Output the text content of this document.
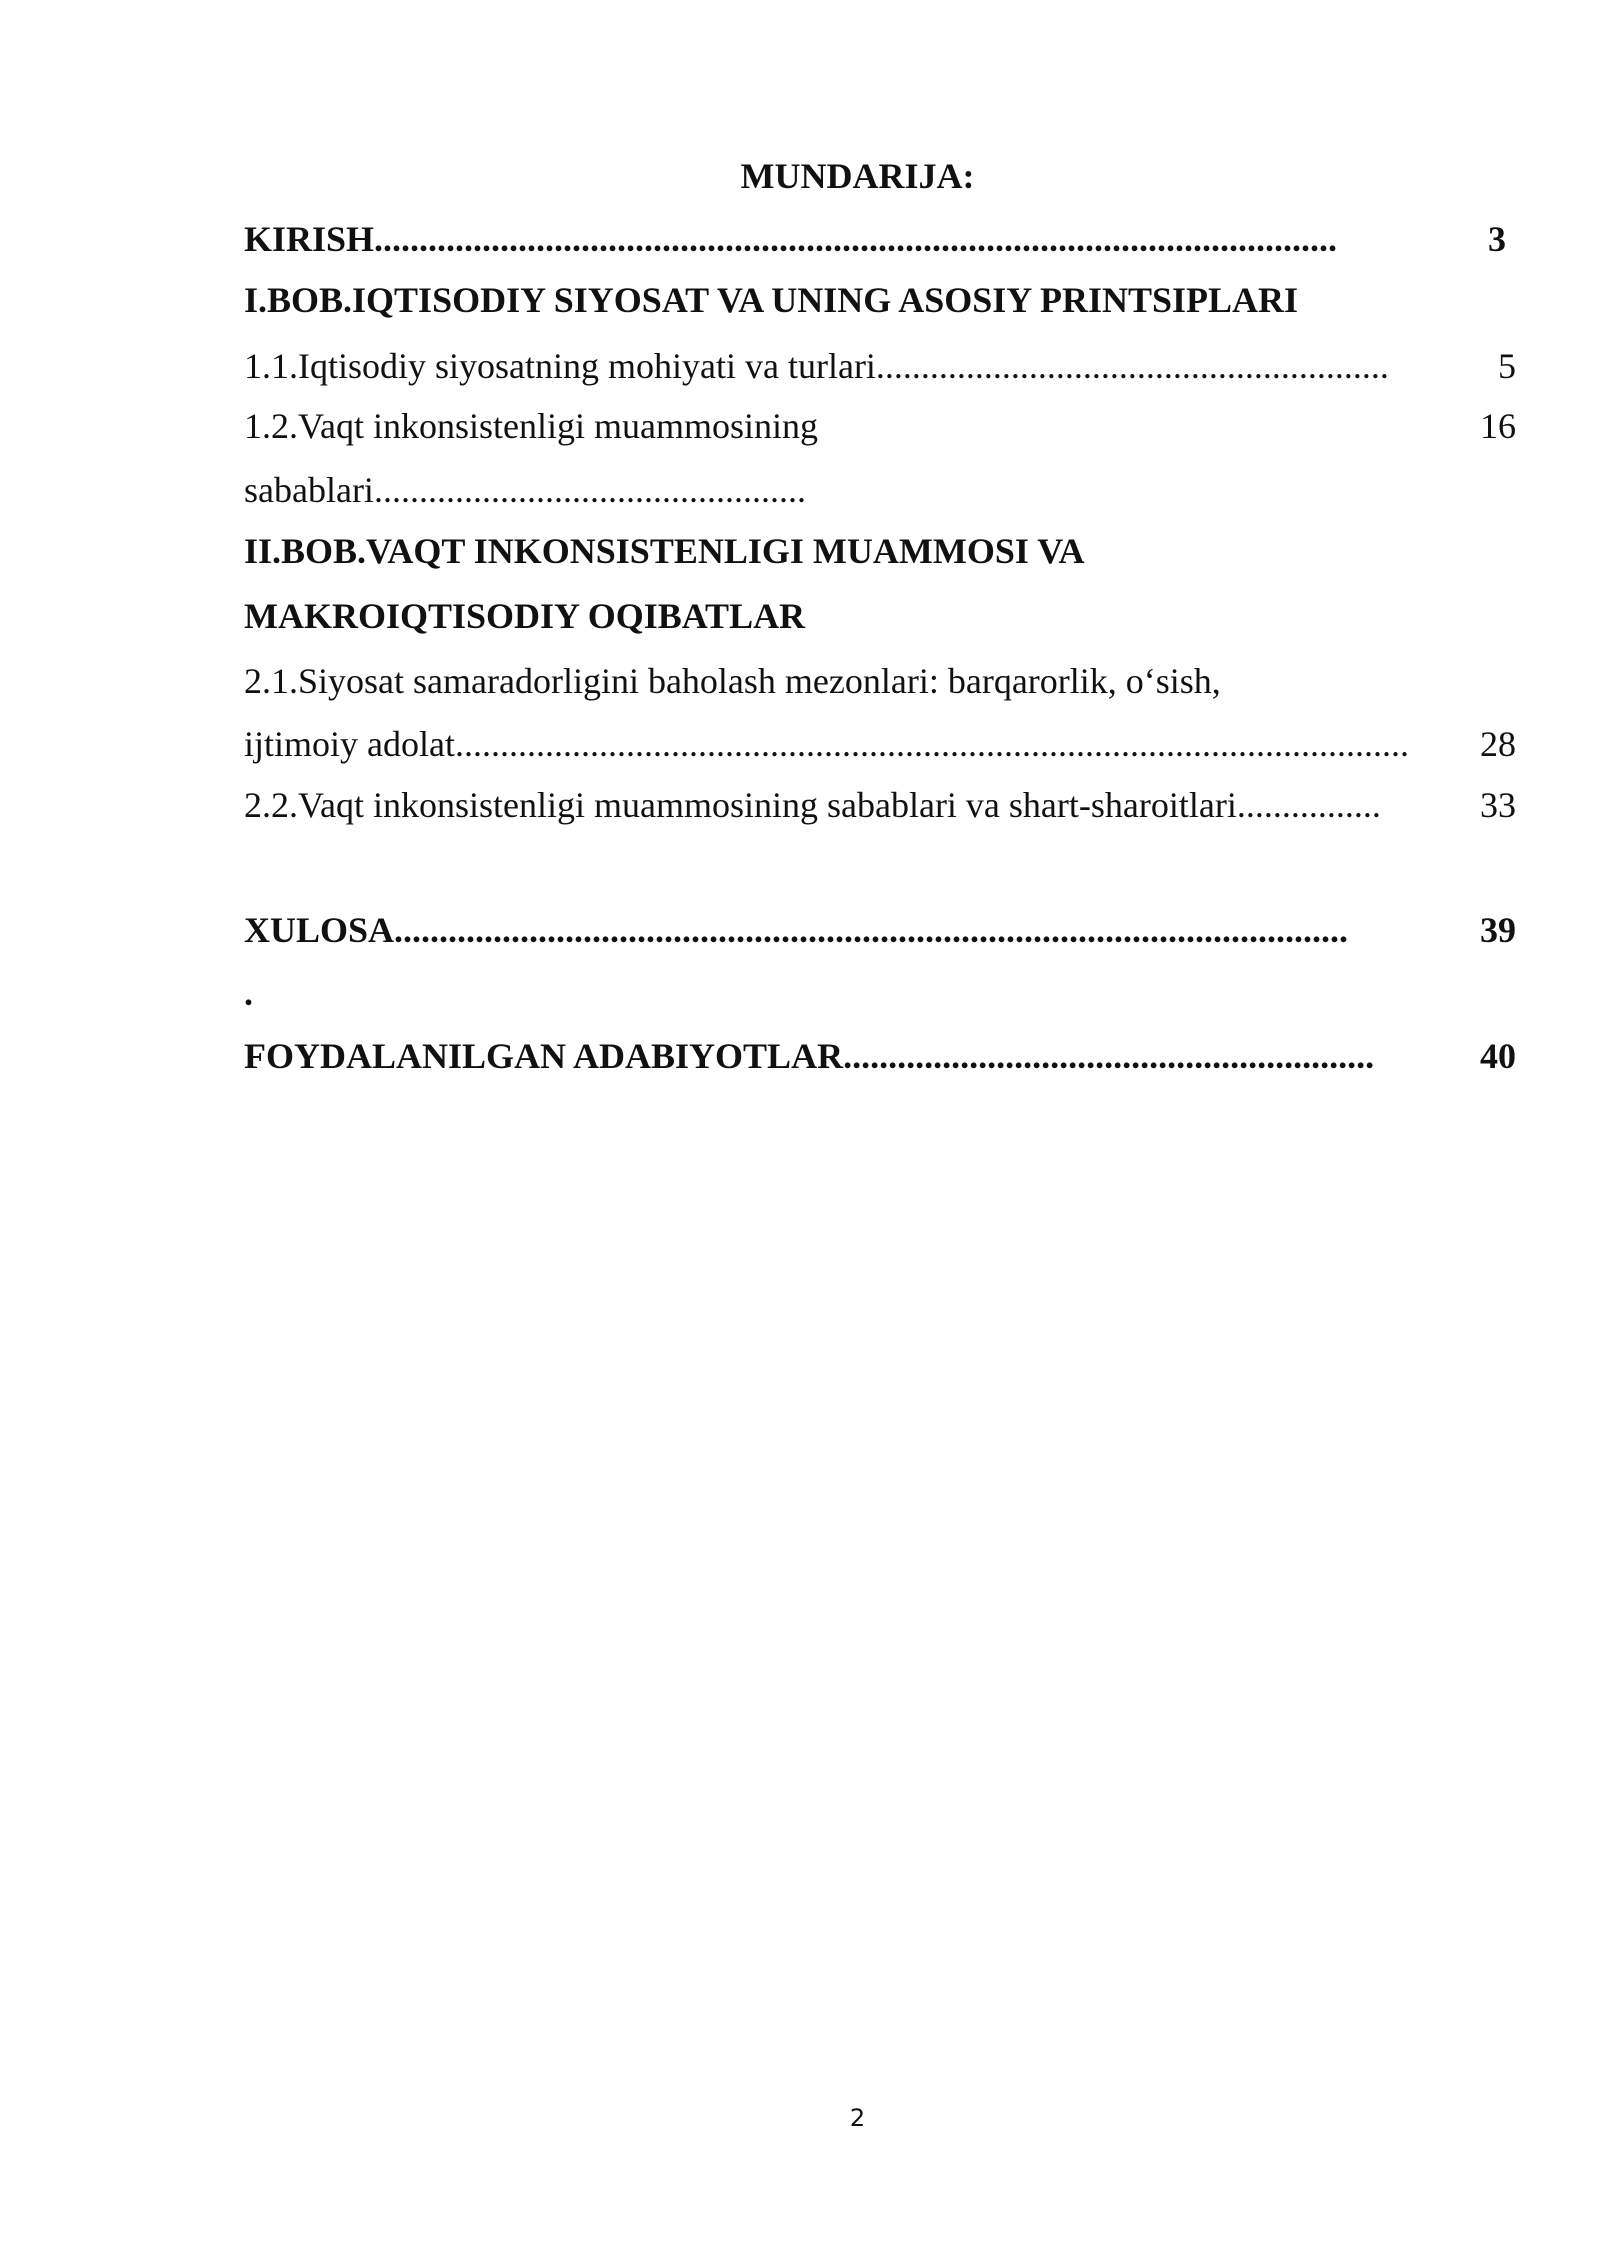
MUNDARIJA:
KIRISH...........................................................................................................	3
I.BOB.IQTISODIY SIYOSAT VA UNING ASOSIY PRINTSIPLARI
1.1.Iqtisodiy siyosatning mohiyati va turlari.........................................................	5
1.2.Vaqt inkonsistenligi muammosining	16
sabablari................................................
II.BOB.VAQT INKONSISTENLIGI MUAMMOSI VA
MAKROIQTISODIY OQIBATLAR
2.1.Siyosat samaradorligini baholash mezonlari: barqarorlik, o‘sish,
ijtimoiy adolat..........................................................................................................	28
2.2.Vaqt inkonsistenligi muammosining sabablari va shart-sharoitlari................	33
XULOSA..........................................................................................................	39
.
FOYDALANILGAN ADABIYOTLAR...........................................................	40
2
